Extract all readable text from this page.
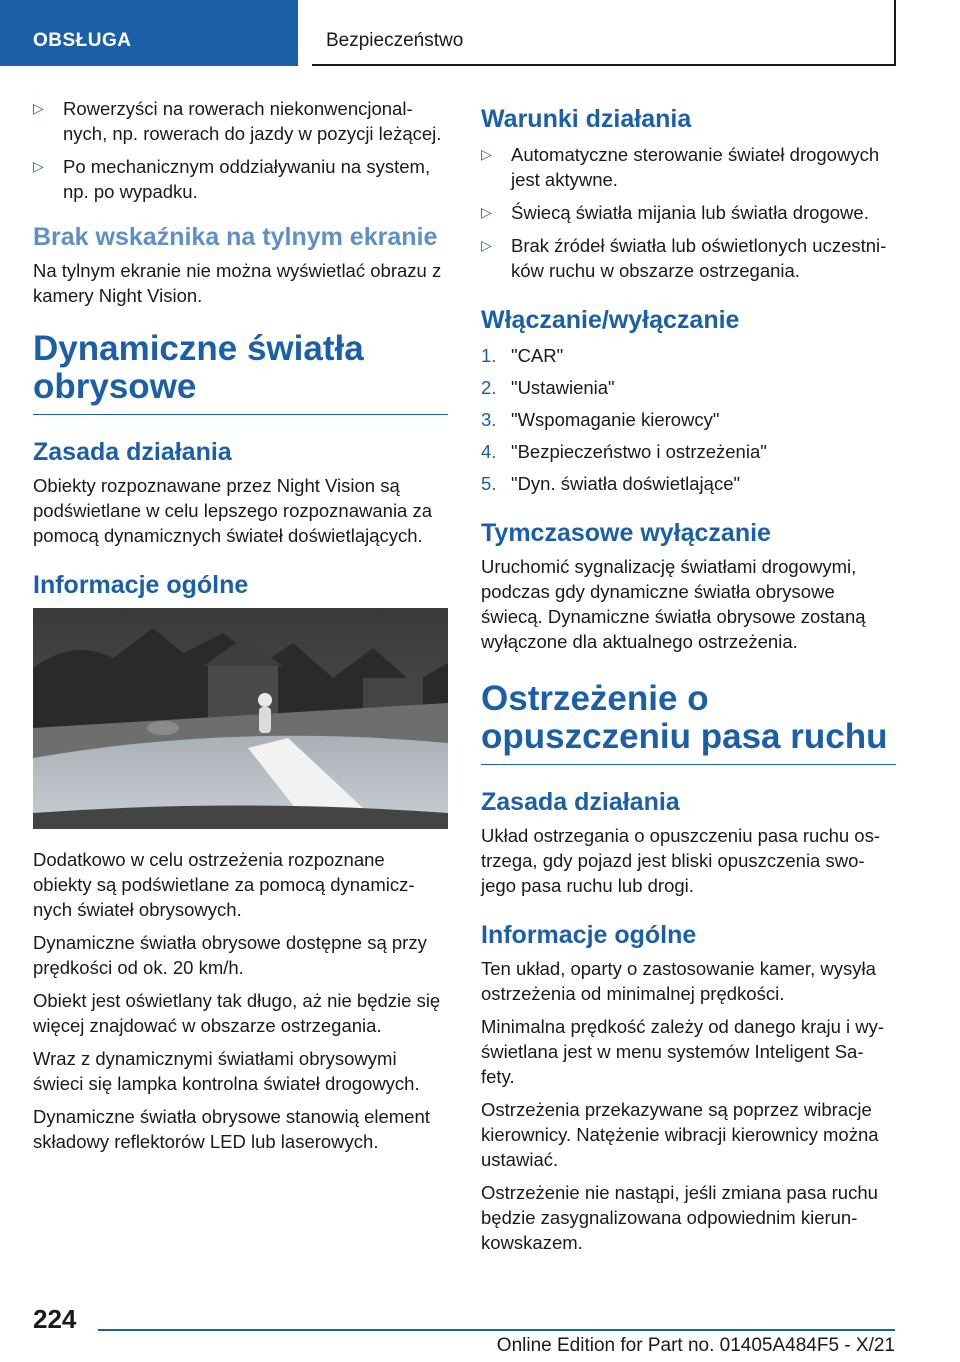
OBSŁUGA	Bezpieczeństwo
▷ Rowerzyści na rowerach niekonwencjonal-nych, np. rowerach do jazdy w pozycji leżącej.
▷ Po mechanicznym oddziaływaniu na system, np. po wypadku.
Brak wskaźnika na tylnym ekranie

Na tylnym ekranie nie można wyświetlać obrazu z kamery Night Vision.

Dynamiczne światła obrysowe
Zasada działania

Obiekty rozpoznawane przez Night Vision są podświetlane w celu lepszego rozpoznawania za pomocą dynamicznych świateł doświetlających.

Informacje ogólne

Dodatkowo w celu ostrzeżenia rozpoznane obiekty są podświetlane za pomocą dynamicz-nych świateł obrysowych.

Dynamiczne światła obrysowe dostępne są przy prędkości od ok. 20 km/h.

Obiekt jest oświetlany tak długo, aż nie będzie się więcej znajdować w obszarze ostrzegania.

Wraz z dynamicznymi światłami obrysowymi świeci się lampka kontrolna świateł drogowych.

Dynamiczne światła obrysowe stanowią element składowy reflektorów LED lub laserowych.

Warunki działania
▷ Automatyczne sterowanie świateł drogowych jest aktywne.
▷ Świecą światła mijania lub światła drogowe.
▷ Brak źródeł światła lub oświetlonych uczestni-ków ruchu w obszarze ostrzegania.
Włączanie/wyłączanie
1. "CAR"
2. "Ustawienia"
3. "Wspomaganie kierowcy"
4. "Bezpieczeństwo i ostrzeżenia"
5. "Dyn. światła doświetlające"
Tymczasowe wyłączanie

Uruchomić sygnalizację światłami drogowymi, podczas gdy dynamiczne światła obrysowe świecą. Dynamiczne światła obrysowe zostaną wyłączone dla aktualnego ostrzeżenia.

Ostrzeżenie o opuszczeniu pasa ruchu
Zasada działania

Układ ostrzegania o opuszczeniu pasa ruchu os-trzega, gdy pojazd jest bliski opuszczenia swo-jego pasa ruchu lub drogi.

Informacje ogólne

Ten układ, oparty o zastosowanie kamer, wysyła ostrzeżenia od minimalnej prędkości.

Minimalna prędkość zależy od danego kraju i wy-świetlana jest w menu systemów Inteligent Sa-fety.

Ostrzeżenia przekazywane są poprzez wibracje kierownicy. Natężenie wibracji kierownicy można ustawiać.

Ostrzeżenie nie nastąpi, jeśli zmiana pasa ruchu będzie zasygnalizowana odpowiednim kierun-kowskazem.

224
Online Edition for Part no. 01405A484F5 - X/21
